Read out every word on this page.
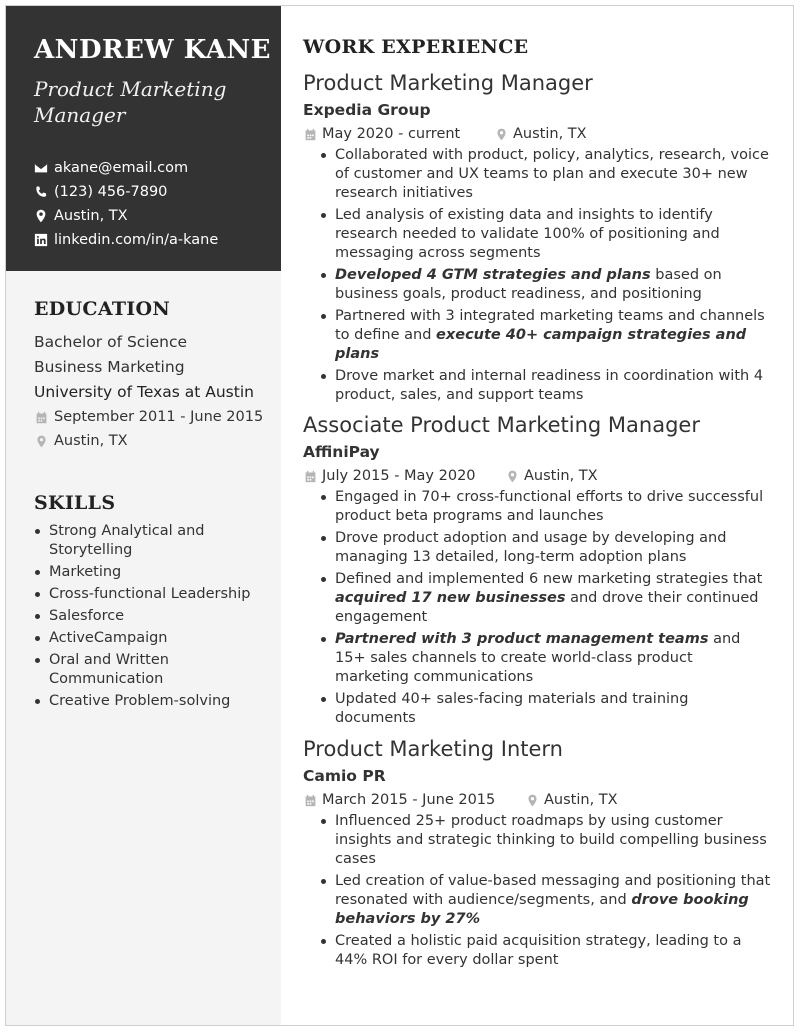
ANDREW KANE
Product Marketing Manager
akane@email.com
(123) 456-7890
Austin, TX
linkedin.com/in/a-kane
EDUCATION
Bachelor of Science
Business Marketing
University of Texas at Austin
September 2011 - June 2015
Austin, TX
SKILLS
Strong Analytical and Storytelling
Marketing
Cross-functional Leadership
Salesforce
ActiveCampaign
Oral and Written Communication
Creative Problem-solving
WORK EXPERIENCE
Product Marketing Manager
Expedia Group
May 2020 - current	Austin, TX
Collaborated with product, policy, analytics, research, voice of customer and UX teams to plan and execute 30+ new research initiatives
Led analysis of existing data and insights to identify research needed to validate 100% of positioning and messaging across segments
Developed 4 GTM strategies and plans based on business goals, product readiness, and positioning
Partnered with 3 integrated marketing teams and channels to define and execute 40+ campaign strategies and plans
Drove market and internal readiness in coordination with 4 product, sales, and support teams
Associate Product Marketing Manager
AffiniPay
July 2015 - May 2020	Austin, TX
Engaged in 70+ cross-functional efforts to drive successful product beta programs and launches
Drove product adoption and usage by developing and managing 13 detailed, long-term adoption plans
Defined and implemented 6 new marketing strategies that acquired 17 new businesses and drove their continued engagement
Partnered with 3 product management teams and 15+ sales channels to create world-class product marketing communications
Updated 40+ sales-facing materials and training documents
Product Marketing Intern
Camio PR
March 2015 - June 2015	Austin, TX
Influenced 25+ product roadmaps by using customer insights and strategic thinking to build compelling business cases
Led creation of value-based messaging and positioning that resonated with audience/segments, and drove booking behaviors by 27%
Created a holistic paid acquisition strategy, leading to a 44% ROI for every dollar spent
